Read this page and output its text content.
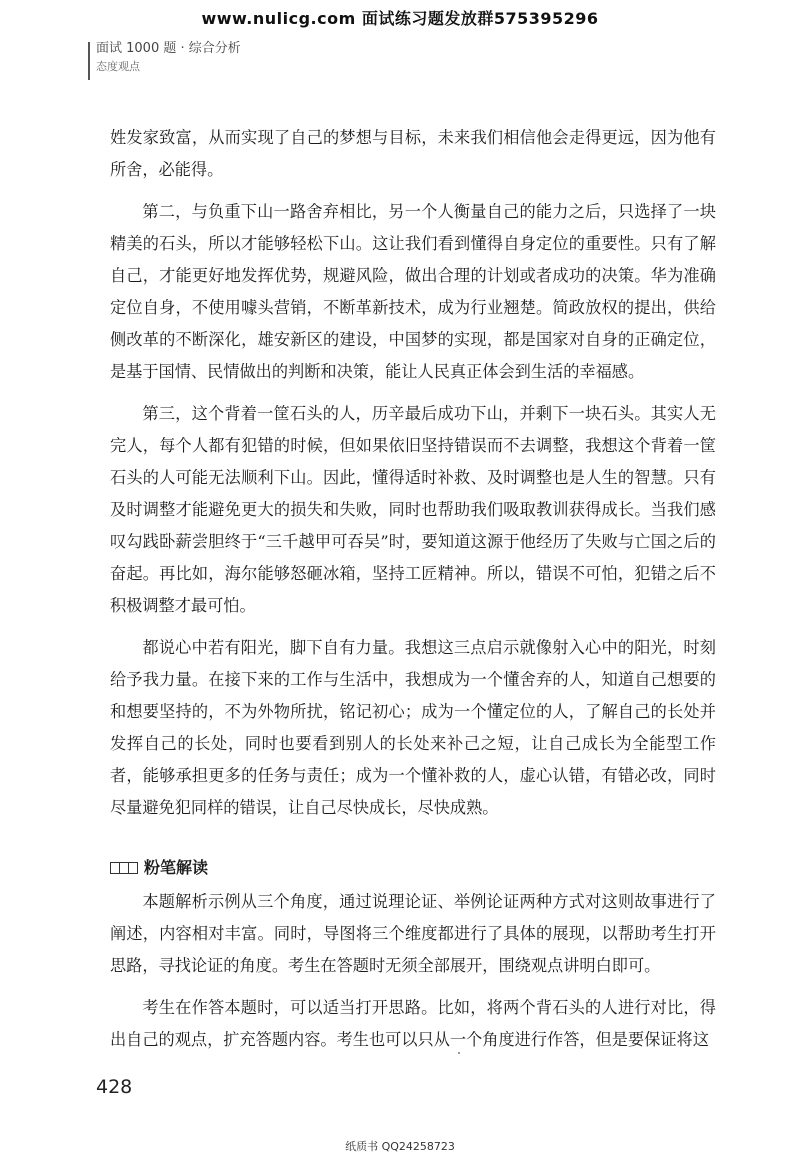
www.nulicg.com 面试练习题发放群575395296
面试 1000 题 · 综合分析
态度观点

姓发家致富，从而实现了自己的梦想与目标，未来我们相信他会走得更远，因为他有所舍，必能得。

第二，与负重下山一路舍弃相比，另一个人衡量自己的能力之后，只选择了一块精美的石头，所以才能够轻松下山。这让我们看到懂得自身定位的重要性。只有了解自己，才能更好地发挥优势，规避风险，做出合理的计划或者成功的决策。华为准确定位自身，不使用噱头营销，不断革新技术，成为行业翘楚。简政放权的提出，供给侧改革的不断深化，雄安新区的建设，中国梦的实现，都是国家对自身的正确定位，是基于国情、民情做出的判断和决策，能让人民真正体会到生活的幸福感。

第三，这个背着一筐石头的人，历辛最后成功下山，并剩下一块石头。其实人无完人，每个人都有犯错的时候，但如果依旧坚持错误而不去调整，我想这个背着一筐石头的人可能无法顺利下山。因此，懂得适时补救、及时调整也是人生的智慧。只有及时调整才能避免更大的损失和失败，同时也帮助我们吸取教训获得成长。当我们感叹勾践卧薪尝胆终于“三千越甲可吞吴”时，要知道这源于他经历了失败与亡国之后的奋起。再比如，海尔能够怒砸冰箱，坚持工匠精神。所以，错误不可怕，犯错之后不积极调整才最可怕。

都说心中若有阳光，脚下自有力量。我想这三点启示就像射入心中的阳光，时刻给予我力量。在接下来的工作与生活中，我想成为一个懂舍弃的人，知道自己想要的和想要坚持的，不为外物所扰，铭记初心；成为一个懂定位的人，了解自己的长处并发挥自己的长处，同时也要看到别人的长处来补己之短，让自己成长为全能型工作者，能够承担更多的任务与责任；成为一个懂补救的人，虚心认错，有错必改，同时尽量避免犯同样的错误，让自己尽快成长，尽快成熟。

粉笔解读

本题解析示例从三个角度，通过说理论证、举例论证两种方式对这则故事进行了阐述，内容相对丰富。同时，导图将三个维度都进行了具体的展现，以帮助考生打开思路，寻找论证的角度。考生在答题时无须全部展开，围绕观点讲明白即可。

考生在作答本题时，可以适当打开思路。比如，将两个背石头的人进行对比，得出自己的观点，扩充答题内容。考生也可以只从一个角度进行作答，但是要保证将这

428
纸质书 QQ24258723
